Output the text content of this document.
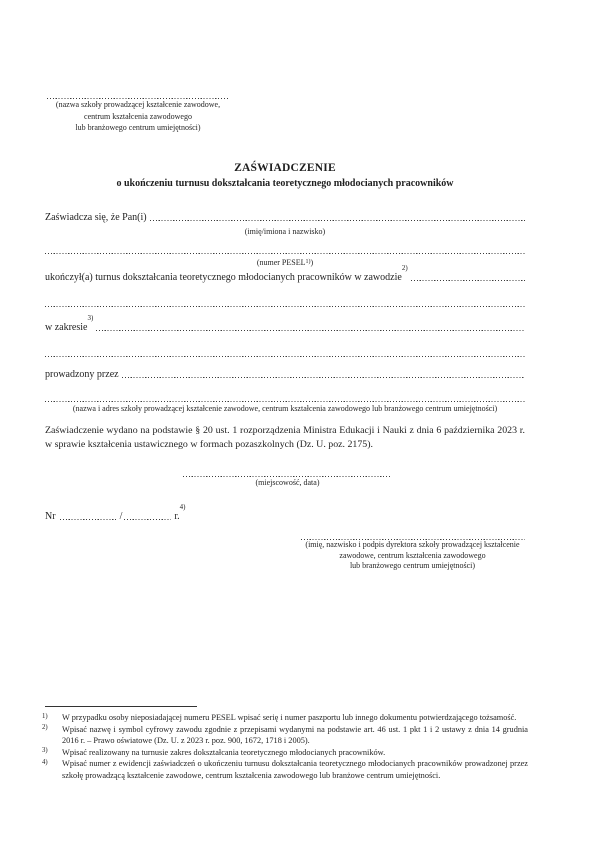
(nazwa szkoły prowadzącej kształcenie zawodowe,
centrum kształcenia zawodowego
lub branżowego centrum umiejętności)
ZAŚWIADCZENIE
o ukończeniu turnusu dokształcania teoretycznego młodocianych pracowników
Zaświadcza się, że Pan(i)
(imię/imiona i nazwisko)
(numer PESEL$^{1)}$)
ukończył(a) turnus dokształcania teoretycznego młodocianych pracowników w zawodzie
2)
w zakresie
3)
prowadzony przez
(nazwa i adres szkoły prowadzącej kształcenie zawodowe, centrum kształcenia zawodowego lub branżowego centrum umiejętności)
Zaświadczenie wydano na podstawie § 20 ust. 1 rozporządzenia Ministra Edukacji i Nauki z dnia 6 października 2023 r.
w sprawie kształcenia ustawicznego w formach pozaszkolnych (Dz. U. poz. 2175).
(miejscowość, data)
Nr	/	r.
4)
(imię, nazwisko i podpis dyrektora szkoły prowadzącej kształcenie
zawodowe, centrum kształcenia zawodowego
lub branżowego centrum umiejętności)
1)	W przypadku osoby nieposiadającej numeru PESEL wpisać serię i numer paszportu lub innego dokumentu potwierdzającego tożsamość.
2)	Wpisać nazwę i symbol cyfrowy zawodu zgodnie z przepisami wydanymi na podstawie art. 46 ust. 1 pkt 1 i 2 ustawy z dnia 14 grudnia 2016 r. – Prawo oświatowe (Dz. U. z 2023 r. poz. 900, 1672, 1718 i 2005).
3)	Wpisać realizowany na turnusie zakres dokształcania teoretycznego młodocianych pracowników.
4)	Wpisać numer z ewidencji zaświadczeń o ukończeniu turnusu dokształcania teoretycznego młodocianych pracowników prowadzonej przez szkołę prowadzącą kształcenie zawodowe, centrum kształcenia zawodowego lub branżowe centrum umiejętności.
